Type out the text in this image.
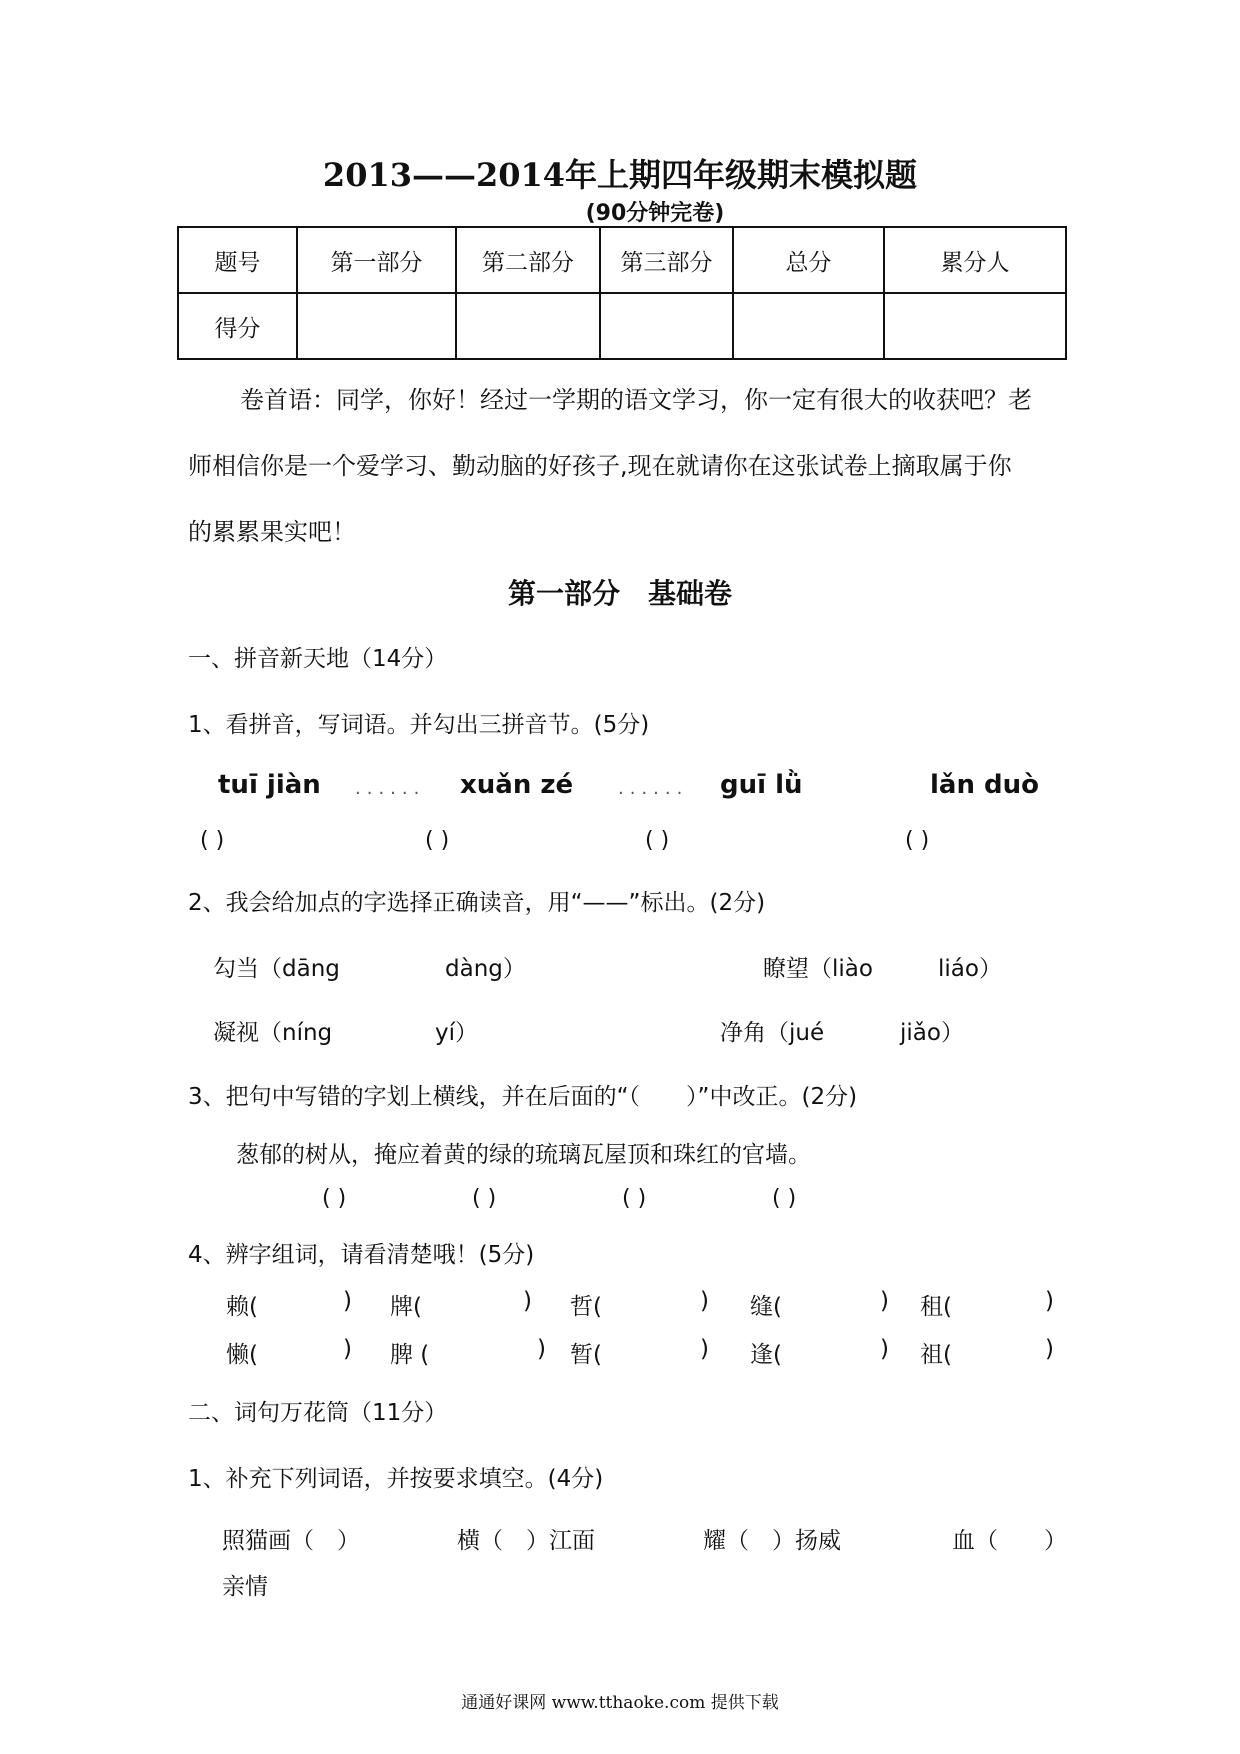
2013——2014年上期四年级期末模拟题
(90分钟完卷)
题号	第一部分	第二部分	第三部分	总分	累分人
得分					
卷首语：同学，你好！经过一学期的语文学习，你一定有很大的收获吧？老
师相信你是一个爱学习、勤动脑的好孩子,现在就请你在这张试卷上摘取属于你
的累累果实吧！
第一部分　基础卷
一、拼音新天地（14分）
1、看拼音，写词语。并勾出三拼音节。(5分)
tuī jiàn ...... xuǎn zé ...... guī lǜ	lǎn duò
( )	( )	( )	( )
2、我会给加点的字选择正确读音，用“——”标出。(2分)
勾当（dāng	dàng）	瞭望（liào	liáo）
凝视（níng	yí）	净角（jué	jiǎo）
3、把句中写错的字划上横线，并在后面的“（　　）”中改正。(2分)
葱郁的树从，掩应着黄的绿的琉璃瓦屋顶和珠红的官墙。
( )	( )	( )	( )
4、辨字组词，请看清楚哦！(5分)
赖(	) 牌(	) 哲(	) 缝(	) 租(	)
懒(	) 脾 (	) 暂(	) 逢(	) 祖(	)
二、词句万花筒（11分）
1、补充下列词语，并按要求填空。(4分)
照猫画（　）	横（　）江面	耀（　）扬威	血（　　）
亲情
通通好课网 www.tthaoke.com 提供下载
